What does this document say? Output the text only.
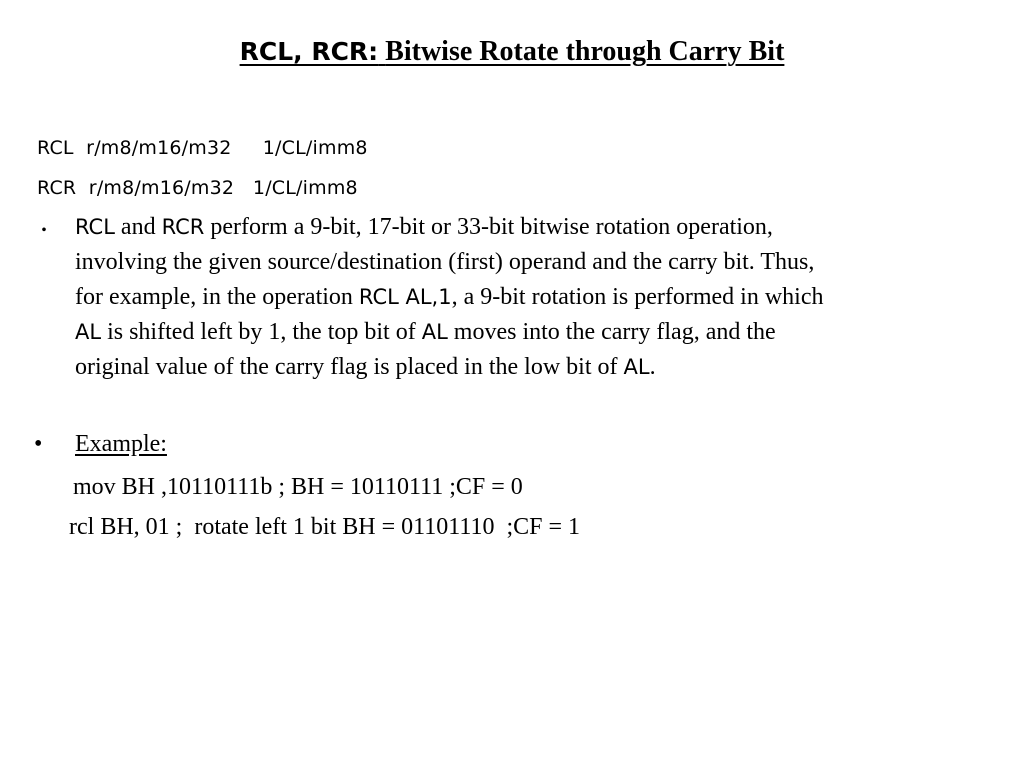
RCL, RCR: Bitwise Rotate through Carry Bit
RCL  r/m8/m16/m32     1/CL/imm8
RCR  r/m8/m16/m32   1/CL/imm8
・ RCL and RCR perform a 9-bit, 17-bit or 33-bit bitwise rotation operation,
involving the given source/destination (first) operand and the carry bit. Thus,
for example, in the operation RCL AL,1, a 9-bit rotation is performed in which
AL is shifted left by 1, the top bit of AL moves into the carry flag, and the
original value of the carry flag is placed in the low bit of AL.
• Example:
mov BH ,10110111b ; BH = 10110111 ;CF = 0
rcl BH, 01 ;  rotate left 1 bit BH = 01101110  ;CF = 1
